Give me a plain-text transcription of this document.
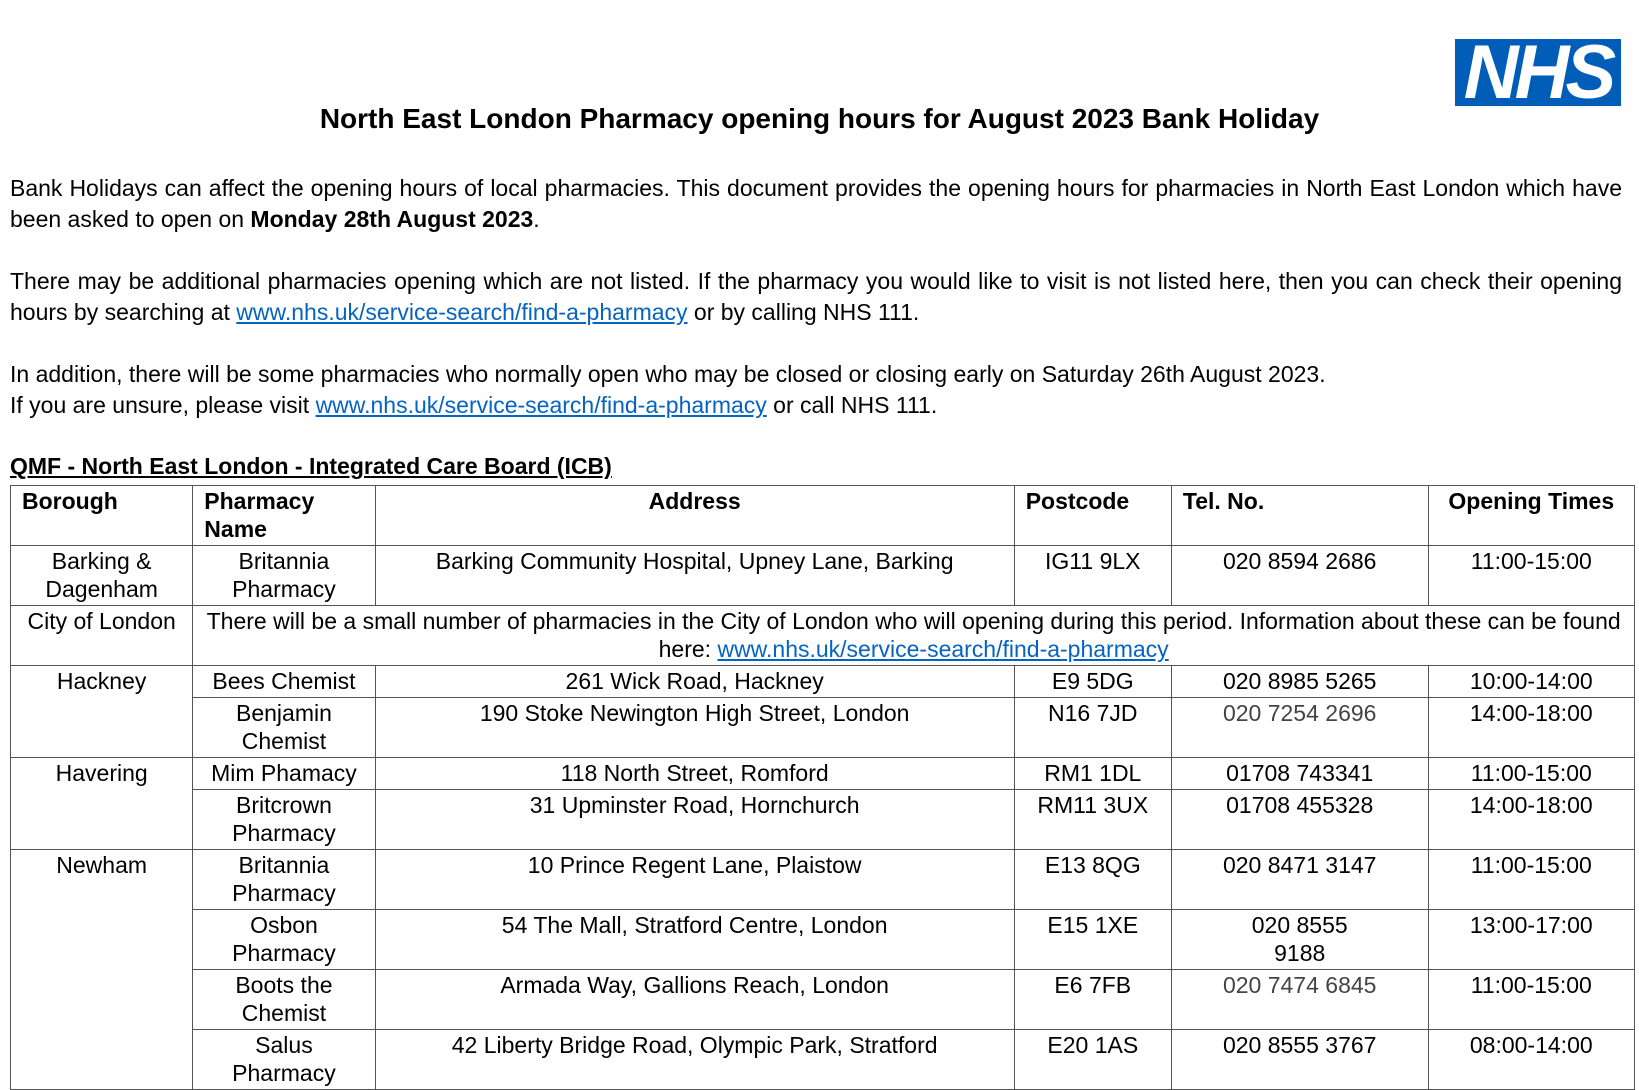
NHS
North East London Pharmacy opening hours for August 2023 Bank Holiday
Bank Holidays can affect the opening hours of local pharmacies. This document provides the opening hours for pharmacies in North East London which have been asked to open on Monday 28th August 2023.
There may be additional pharmacies opening which are not listed. If the pharmacy you would like to visit is not listed here, then you can check their opening hours by searching at www.nhs.uk/service-search/find-a-pharmacy or by calling NHS 111.
In addition, there will be some pharmacies who normally open who may be closed or closing early on Saturday 26th August 2023.
If you are unsure, please visit www.nhs.uk/service-search/find-a-pharmacy or call NHS 111.
QMF - North East London - Integrated Care Board (ICB)
Borough	Pharmacy Name	Address	Postcode	Tel. No.	Opening Times
Barking & Dagenham	Britannia Pharmacy	Barking Community Hospital, Upney Lane, Barking	IG11 9LX	020 8594 2686	11:00-15:00
City of London	There will be a small number of pharmacies in the City of London who will opening during this period. Information about these can be found here: www.nhs.uk/service-search/find-a-pharmacy				
Hackney	Bees Chemist	261 Wick Road, Hackney	E9 5DG	020 8985 5265	10:00-14:00
	Benjamin Chemist	190 Stoke Newington High Street, London	N16 7JD	020 7254 2696	14:00-18:00
Havering	Mim Phamacy	118 North Street, Romford	RM1 1DL	01708 743341	11:00-15:00
	Britcrown Pharmacy	31 Upminster Road, Hornchurch	RM11 3UX	01708 455328	14:00-18:00
Newham	Britannia Pharmacy	10 Prince Regent Lane, Plaistow	E13 8QG	020 8471 3147	11:00-15:00
	Osbon Pharmacy	54 The Mall, Stratford Centre, London	E15 1XE	020 8555 9188	13:00-17:00
	Boots the Chemist	Armada Way, Gallions Reach, London	E6 7FB	020 7474 6845	11:00-15:00
	Salus Pharmacy	42 Liberty Bridge Road, Olympic Park, Stratford	E20 1AS	020 8555 3767	08:00-14:00
